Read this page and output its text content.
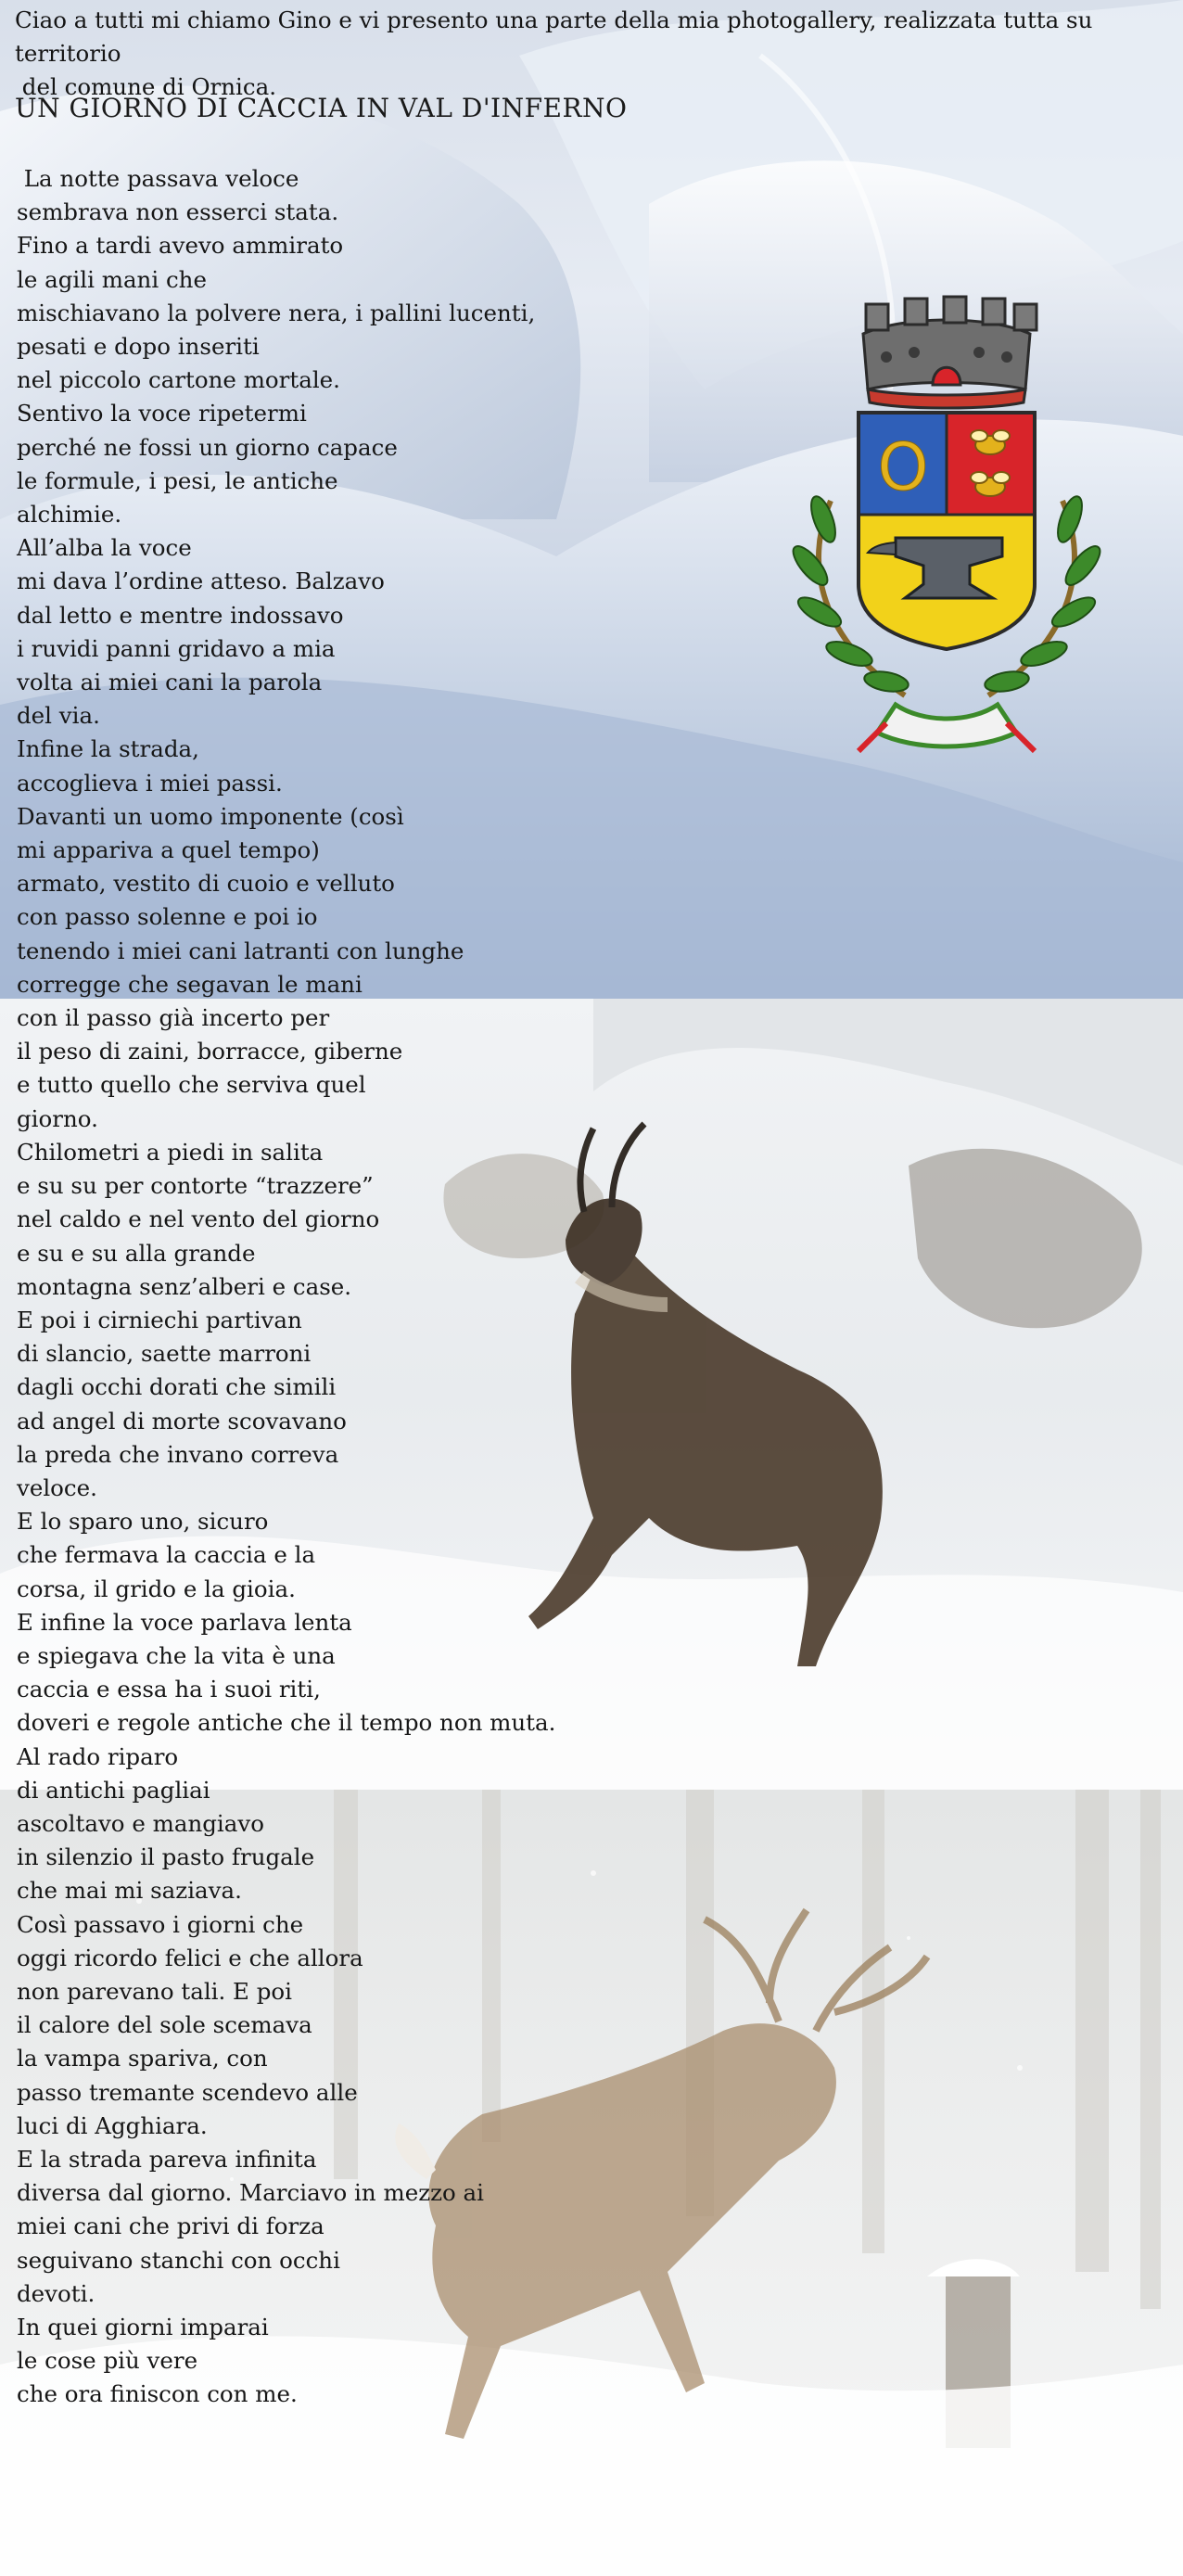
O

Ciao a tutti mi chiamo Gino e vi presento una parte della mia photogallery, realizzata tutta su territorio
del comune di Ornica.

UN GIORNO DI CACCIA IN VAL D'INFERNO
La notte passava veloce
sembrava non esserci stata.
Fino a tardi avevo ammirato
le agili mani che
mischiavano la polvere nera, i pallini lucenti,
pesati e dopo inseriti
nel piccolo cartone mortale.
Sentivo la voce ripetermi
perché ne fossi un giorno capace
le formule, i pesi, le antiche
alchimie.
All’alba la voce
mi dava l’ordine atteso. Balzavo
dal letto e mentre indossavo
i ruvidi panni gridavo a mia
volta ai miei cani la parola
del via.
Infine la strada,
accoglieva i miei passi.
Davanti un uomo imponente (così
mi appariva a quel tempo)
armato, vestito di cuoio e velluto
con passo solenne e poi io
tenendo i miei cani latranti con lunghe
corregge che segavan le mani
con il passo già incerto per
il peso di zaini, borracce, giberne
e tutto quello che serviva quel
giorno.
Chilometri a piedi in salita
e su su per contorte “trazzere”
nel caldo e nel vento del giorno
e su e su alla grande
montagna senz’alberi e case.
E poi i cirniechi partivan
di slancio, saette marroni
dagli occhi dorati che simili
ad angel di morte scovavano
la preda che invano correva
veloce.
E lo sparo uno, sicuro
che fermava la caccia e la
corsa, il grido e la gioia.
E infine la voce parlava lenta
e spiegava che la vita è una
caccia e essa ha i suoi riti,
doveri e regole antiche che il tempo non muta.
Al rado riparo
di antichi pagliai
ascoltavo e mangiavo
in silenzio il pasto frugale
che mai mi saziava.
Così passavo i giorni che
oggi ricordo felici e che allora
non parevano tali. E poi
il calore del sole scemava
la vampa spariva, con
passo tremante scendevo alle
luci di Agghiara.
E la strada pareva infinita
diversa dal giorno. Marciavo in mezzo ai
miei cani che privi di forza
seguivano stanchi con occhi
devoti.
In quei giorni imparai
le cose più vere
che ora finiscon con me.
